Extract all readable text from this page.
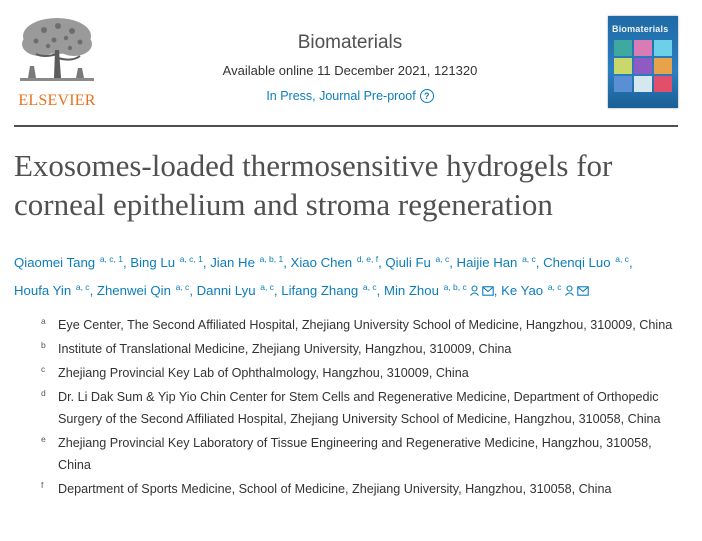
ELSEVIER
Biomaterials
Available online 11 December 2021, 121320
In Press, Journal Pre-proof ?
Biomaterials
Exosomes-loaded thermosensitive hydrogels for
corneal epithelium and stroma regeneration
Qiaomei Tang $^{a, c, 1}$, Bing Lu $^{a, c, 1}$, Jian He $^{a, b, 1}$, Xiao Chen $^{d, e, f}$, Qiuli Fu $^{a, c}$, Haijie Han $^{a, c}$, Chenqi Luo $^{a, c}$,
Houfa Yin $^{a, c}$, Zhenwei Qin $^{a, c}$, Danni Lyu $^{a, c}$, Lifang Zhang $^{a, c}$, Min Zhou $^{a, b, c}$ , Ke Yao $^{a, c}$
a Eye Center, The Second Affiliated Hospital, Zhejiang University School of Medicine, Hangzhou, 310009, China
b Institute of Translational Medicine, Zhejiang University, Hangzhou, 310009, China
c Zhejiang Provincial Key Lab of Ophthalmology, Hangzhou, 310009, China
d Dr. Li Dak Sum & Yip Yio Chin Center for Stem Cells and Regenerative Medicine, Department of Orthopedic Surgery of the Second Affiliated Hospital, Zhejiang University School of Medicine, Hangzhou, 310058, China
e Zhejiang Provincial Key Laboratory of Tissue Engineering and Regenerative Medicine, Hangzhou, 310058, China
f Department of Sports Medicine, School of Medicine, Zhejiang University, Hangzhou, 310058, China
